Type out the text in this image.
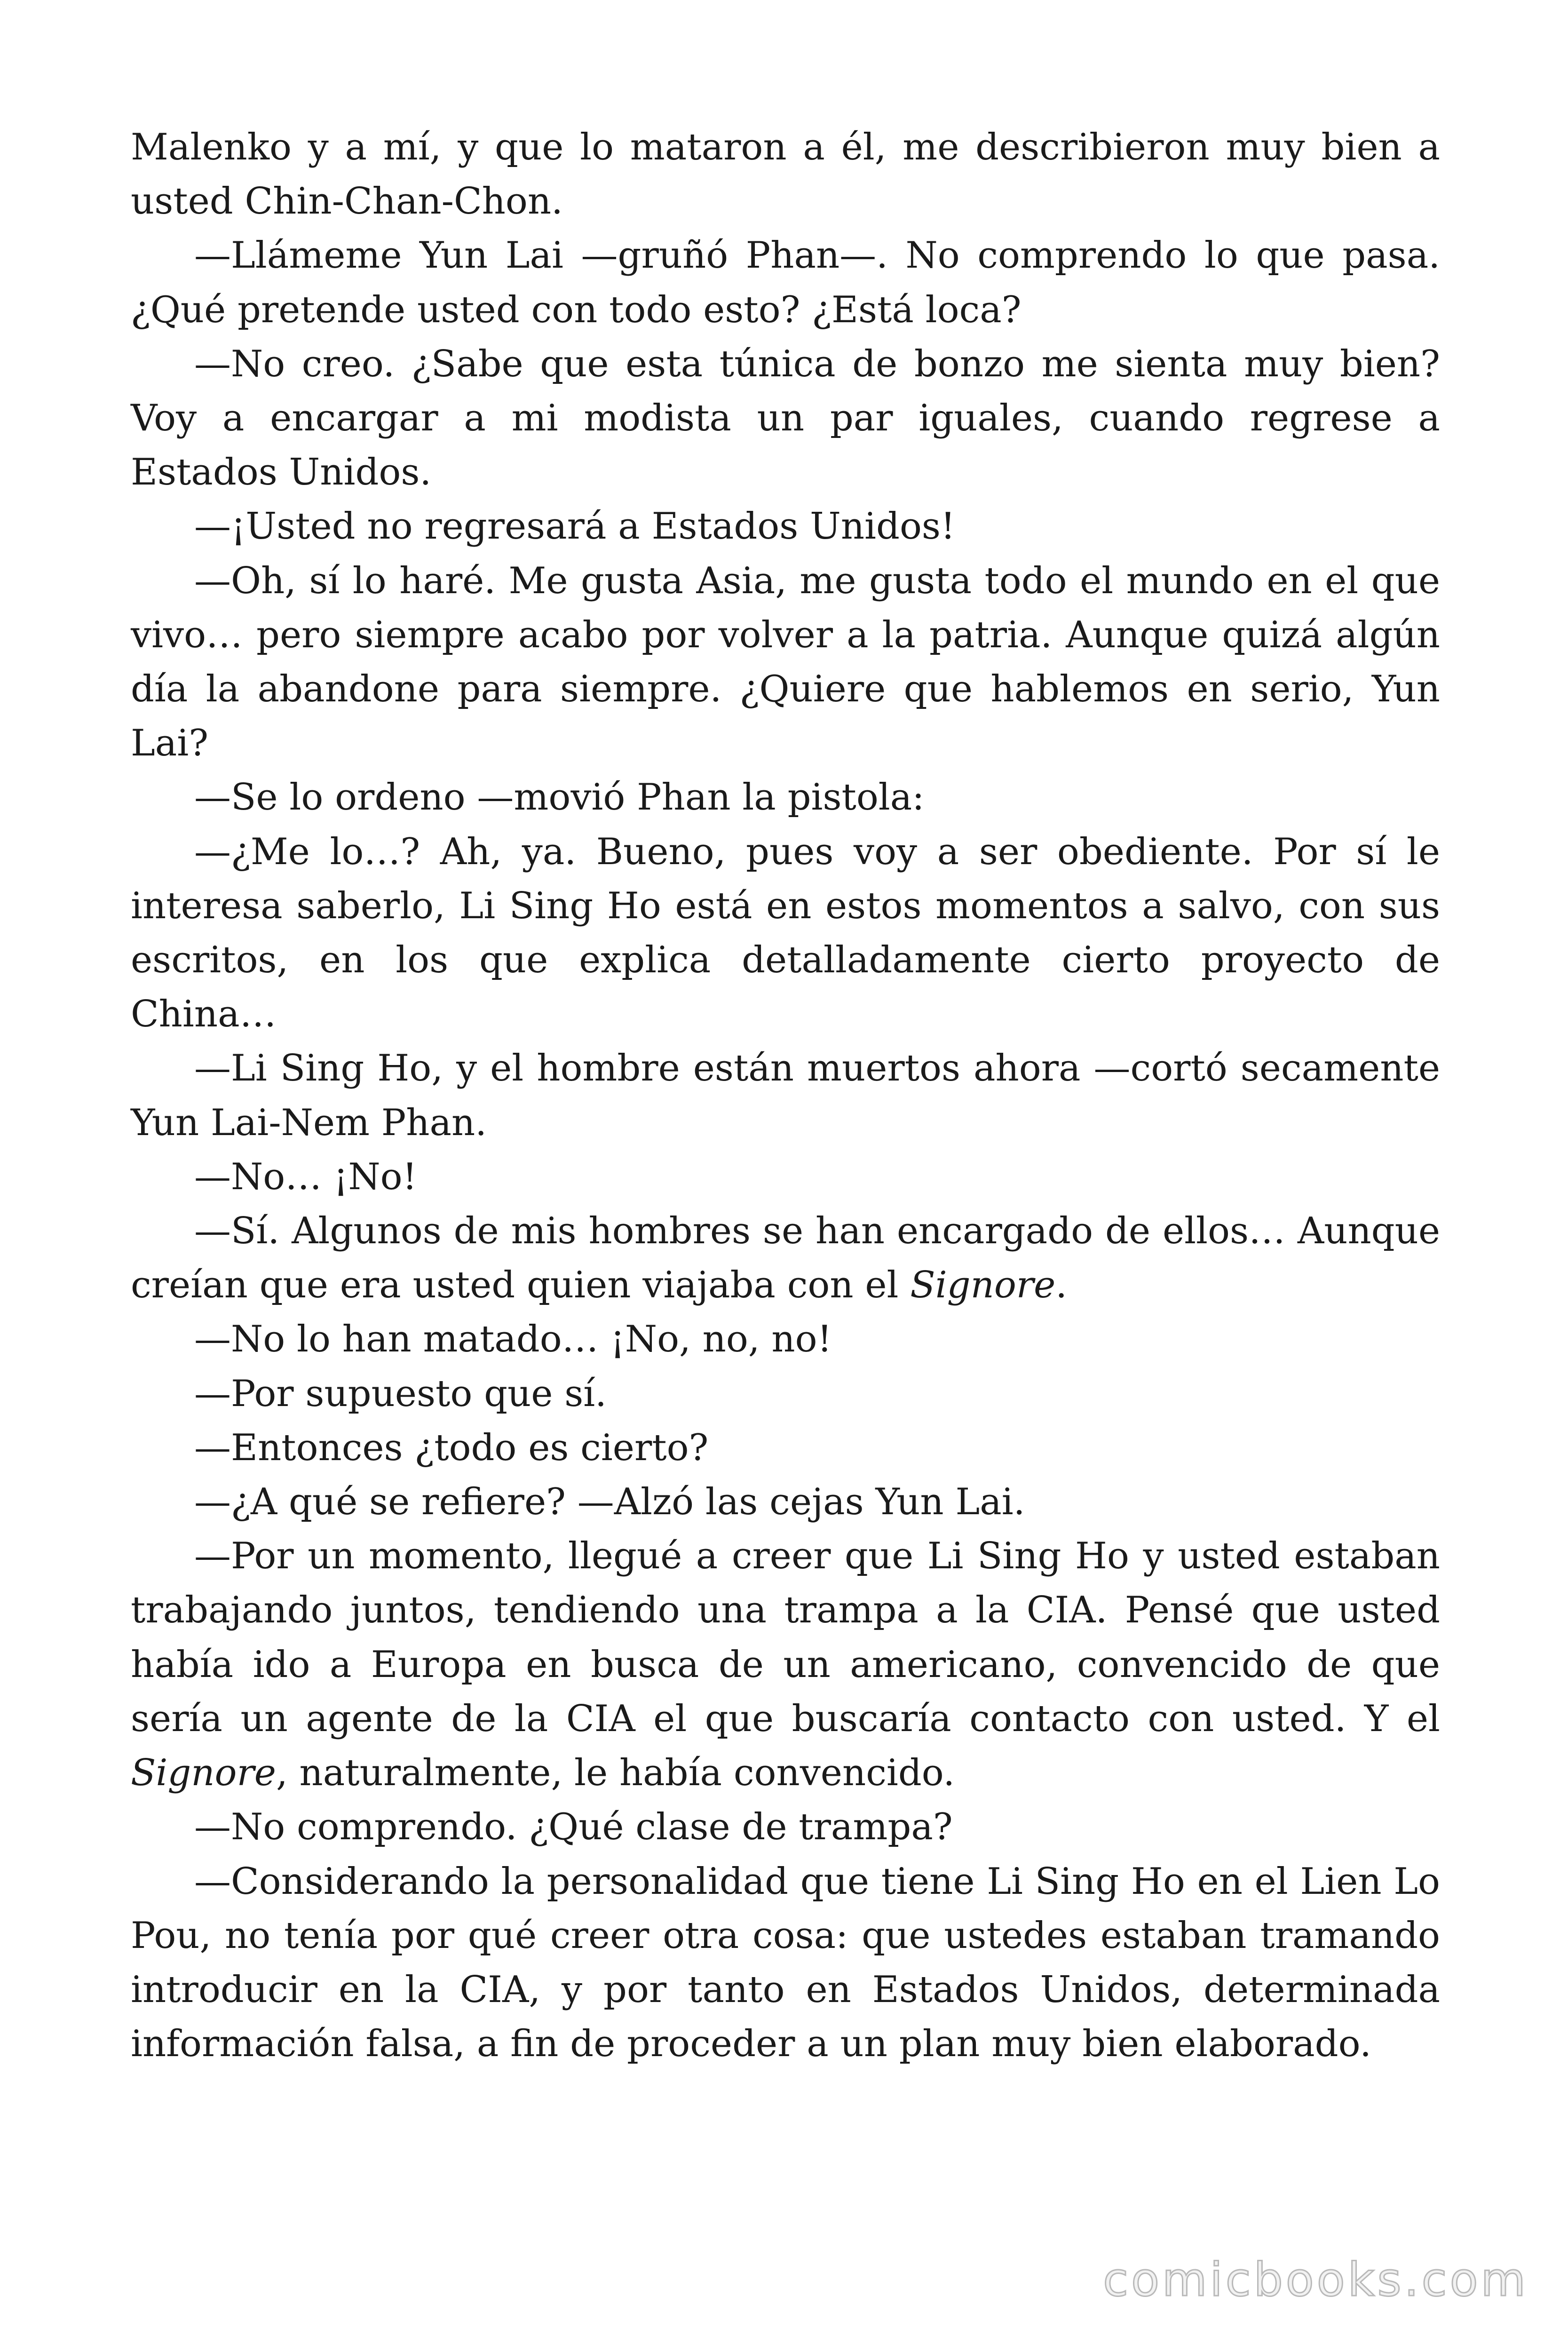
Malenko y a mí, y que lo mataron a él, me describieron muy bien a usted Chin-Chan-Chon.

—Llámeme Yun Lai —gruñó Phan—. No comprendo lo que pasa. ¿Qué pretende usted con todo esto? ¿Está loca?

—No creo. ¿Sabe que esta túnica de bonzo me sienta muy bien? Voy a encargar a mi modista un par iguales, cuando regrese a Estados Unidos.

—¡Usted no regresará a Estados Unidos!

—Oh, sí lo haré. Me gusta Asia, me gusta todo el mundo en el que vivo… pero siempre acabo por volver a la patria. Aunque quizá algún día la abandone para siempre. ¿Quiere que hablemos en serio, Yun Lai?

—Se lo ordeno —movió Phan la pistola:

—¿Me lo…? Ah, ya. Bueno, pues voy a ser obediente. Por sí le interesa saberlo, Li Sing Ho está en estos momentos a salvo, con sus escritos, en los que explica detalladamente cierto proyecto de China…

—Li Sing Ho, y el hombre están muertos ahora —cortó secamente Yun Lai-Nem Phan.

—No… ¡No!

—Sí. Algunos de mis hombres se han encargado de ellos… Aunque creían que era usted quien viajaba con el Signore.

—No lo han matado… ¡No, no, no!

—Por supuesto que sí.

—Entonces ¿todo es cierto?

—¿A qué se refiere? —Alzó las cejas Yun Lai.

—Por un momento, llegué a creer que Li Sing Ho y usted estaban trabajando juntos, tendiendo una trampa a la CIA. Pensé que usted había ido a Europa en busca de un americano, convencido de que sería un agente de la CIA el que buscaría contacto con usted. Y el Signore, naturalmente, le había convencido.

—No comprendo. ¿Qué clase de trampa?

—Considerando la personalidad que tiene Li Sing Ho en el Lien Lo Pou, no tenía por qué creer otra cosa: que ustedes estaban tramando introducir en la CIA, y por tanto en Estados Unidos, determinada información falsa, a fin de proceder a un plan muy bien elaborado.

comicbooks.com
